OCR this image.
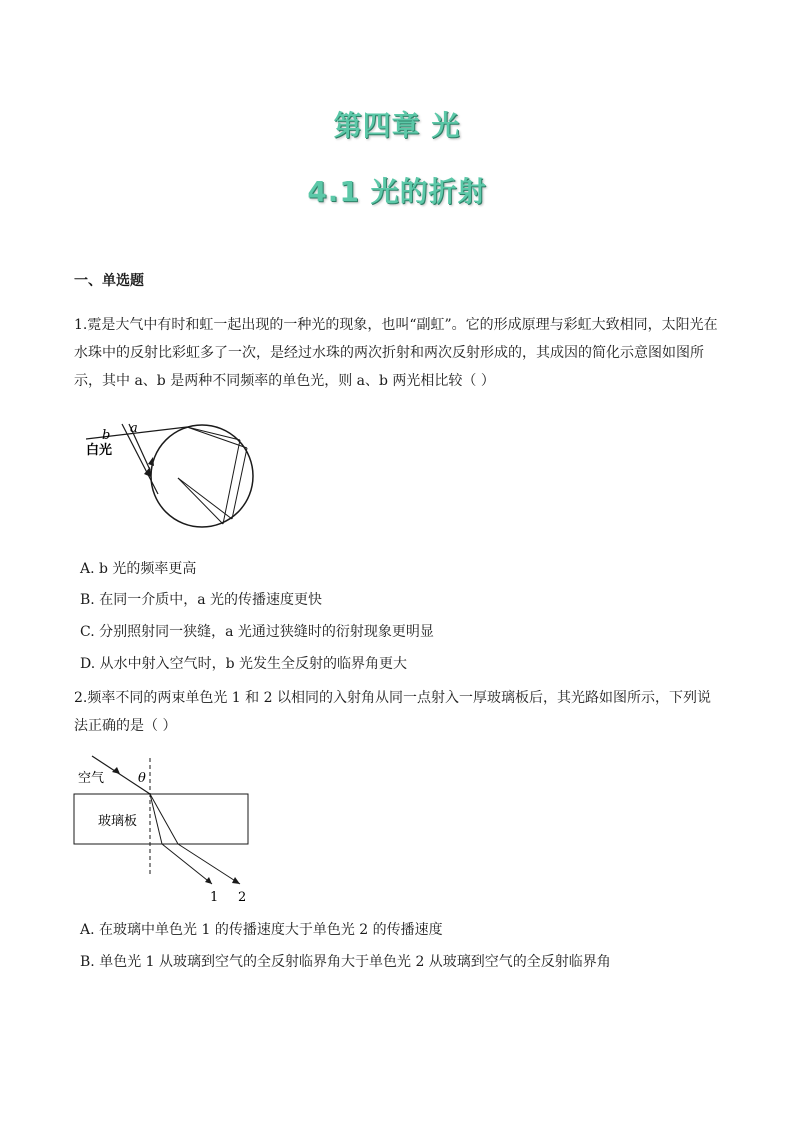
第四章 光
4.1 光的折射
一、单选题
1.霓是大气中有时和虹一起出现的一种光的现象，也叫“副虹”。它的形成原理与彩虹大致相同，太阳光在水珠中的反射比彩虹多了一次，是经过水珠的两次折射和两次反射形成的，其成因的简化示意图如图所示，其中 a、b 是两种不同频率的单色光，则 a、b 两光相比较（ ）
b a
白光
A. b 光的频率更高
B. 在同一介质中，a 光的传播速度更快
C. 分别照射同一狭缝，a 光通过狭缝时的衍射现象更明显
D. 从水中射入空气时，b 光发生全反射的临界角更大
2.频率不同的两束单色光 1 和 2 以相同的入射角从同一点射入一厚玻璃板后，其光路如图所示，下列说法正确的是（ ）
空气	θ
玻璃板
1 2
A. 在玻璃中单色光 1 的传播速度大于单色光 2 的传播速度
B. 单色光 1 从玻璃到空气的全反射临界角大于单色光 2 从玻璃到空气的全反射临界角
